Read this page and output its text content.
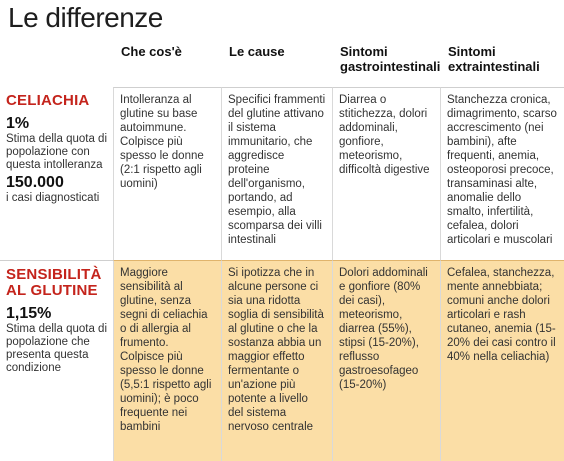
Le differenze
Che cos'è	Le cause	Sintomi gastrointestinali
Sintomi extraintestinali
CELIACHIA
1%
Stima della quota di popolazione con questa intolleranza
150.000
i casi diagnosticati
Intolleranza al glutine su base autoimmune. Colpisce più spesso le donne (2:1 rispetto agli uomini)
Specifici frammenti del glutine attivano il sistema immunitario, che aggredisce proteine dell'organismo, portando, ad esempio, alla scomparsa dei villi intestinali
Diarrea o stitichezza, dolori addominali, gonfiore, meteorismo, difficoltà digestive
Stanchezza cronica, dimagrimento, scarso accrescimento (nei bambini), afte frequenti, anemia, osteoporosi precoce, transaminasi alte, anomalie dello smalto, infertilità, cefalea, dolori articolari e muscolari
SENSIBILITÀ AL GLUTINE
1,15%
Stima della quota di popolazione che presenta questa condizione
Maggiore sensibilità al glutine, senza segni di celiachia o di allergia al frumento. Colpisce più spesso le donne (5,5:1 rispetto agli uomini); è poco frequente nei bambini
Si ipotizza che in alcune persone ci sia una ridotta soglia di sensibilità al glutine o che la sostanza abbia un maggior effetto fermentante o un'azione più potente a livello del sistema nervoso centrale
Dolori addominali e gonfiore (80% dei casi), meteorismo, diarrea (55%), stipsi (15-20%), reflusso gastroesofageo (15-20%)
Cefalea, stanchezza, mente annebbiata; comuni anche dolori articolari e rash cutaneo, anemia (15-20% dei casi contro il 40% nella celiachia)
